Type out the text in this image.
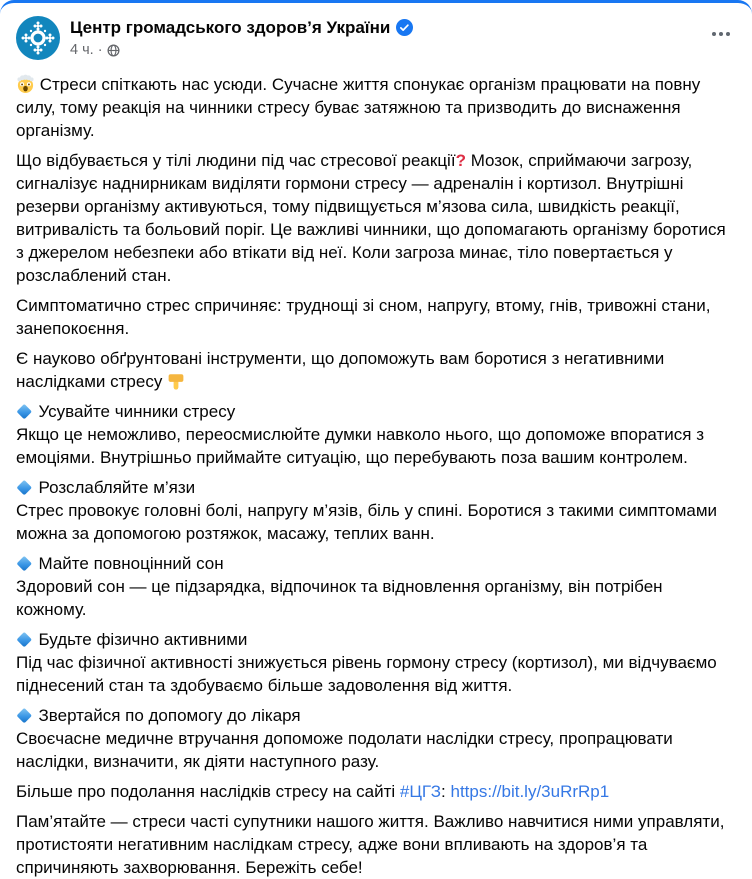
Центр громадського здоров’я України
4 ч. ·

Стреси спіткають нас усюди. Сучасне життя спонукає організм працювати на повну силу, тому реакція на чинники стресу буває затяжною та призводить до виснаження організму.

Що відбувається у тілі людини під час стресової реакції? Мозок, сприймаючи загрозу, сигналізує наднирникам виділяти гормони стресу — адреналін і кортизол. Внутрішні резерви організму активуються, тому підвищується м’язова сила, швидкість реакції, витривалість та больовий поріг. Це важливі чинники, що допомагають організму боротися з джерелом небезпеки або втікати від неї. Коли загроза минає, тіло повертається у розслаблений стан.

Симптоматично стрес спричиняє: труднощі зі сном, напругу, втому, гнів, тривожні стани, занепокоєння.

Є науково обґрунтовані інструменти, що допоможуть вам боротися з негативними наслідками стресу

Усувайте чинники стресу
Якщо це неможливо, переосмислюйте думки навколо нього, що допоможе впоратися з емоціями. Внутрішньо приймайте ситуацію, що перебувають поза вашим контролем.

Розслабляйте м’язи
Стрес провокує головні болі, напругу м’язів, біль у спині. Боротися з такими симптомами можна за допомогою розтяжок, масажу, теплих ванн.

Майте повноцінний сон
Здоровий сон — це підзарядка, відпочинок та відновлення організму, він потрібен кожному.

Будьте фізично активними
Під час фізичної активності знижується рівень гормону стресу (кортизол), ми відчуваємо піднесений стан та здобуваємо більше задоволення від життя.

Звертайся по допомогу до лікаря
Своєчасне медичне втручання допоможе подолати наслідки стресу, пропрацювати наслідки, визначити, як діяти наступного разу.

Більше про подолання наслідків стресу на сайті #ЦГЗ: https://bit.ly/3uRrRp1

Пам’ятайте — стреси часті супутники нашого життя. Важливо навчитися ними управляти, протистояти негативним наслідкам стресу, адже вони впливають на здоров’я та спричиняють захворювання. Бережіть себе!
